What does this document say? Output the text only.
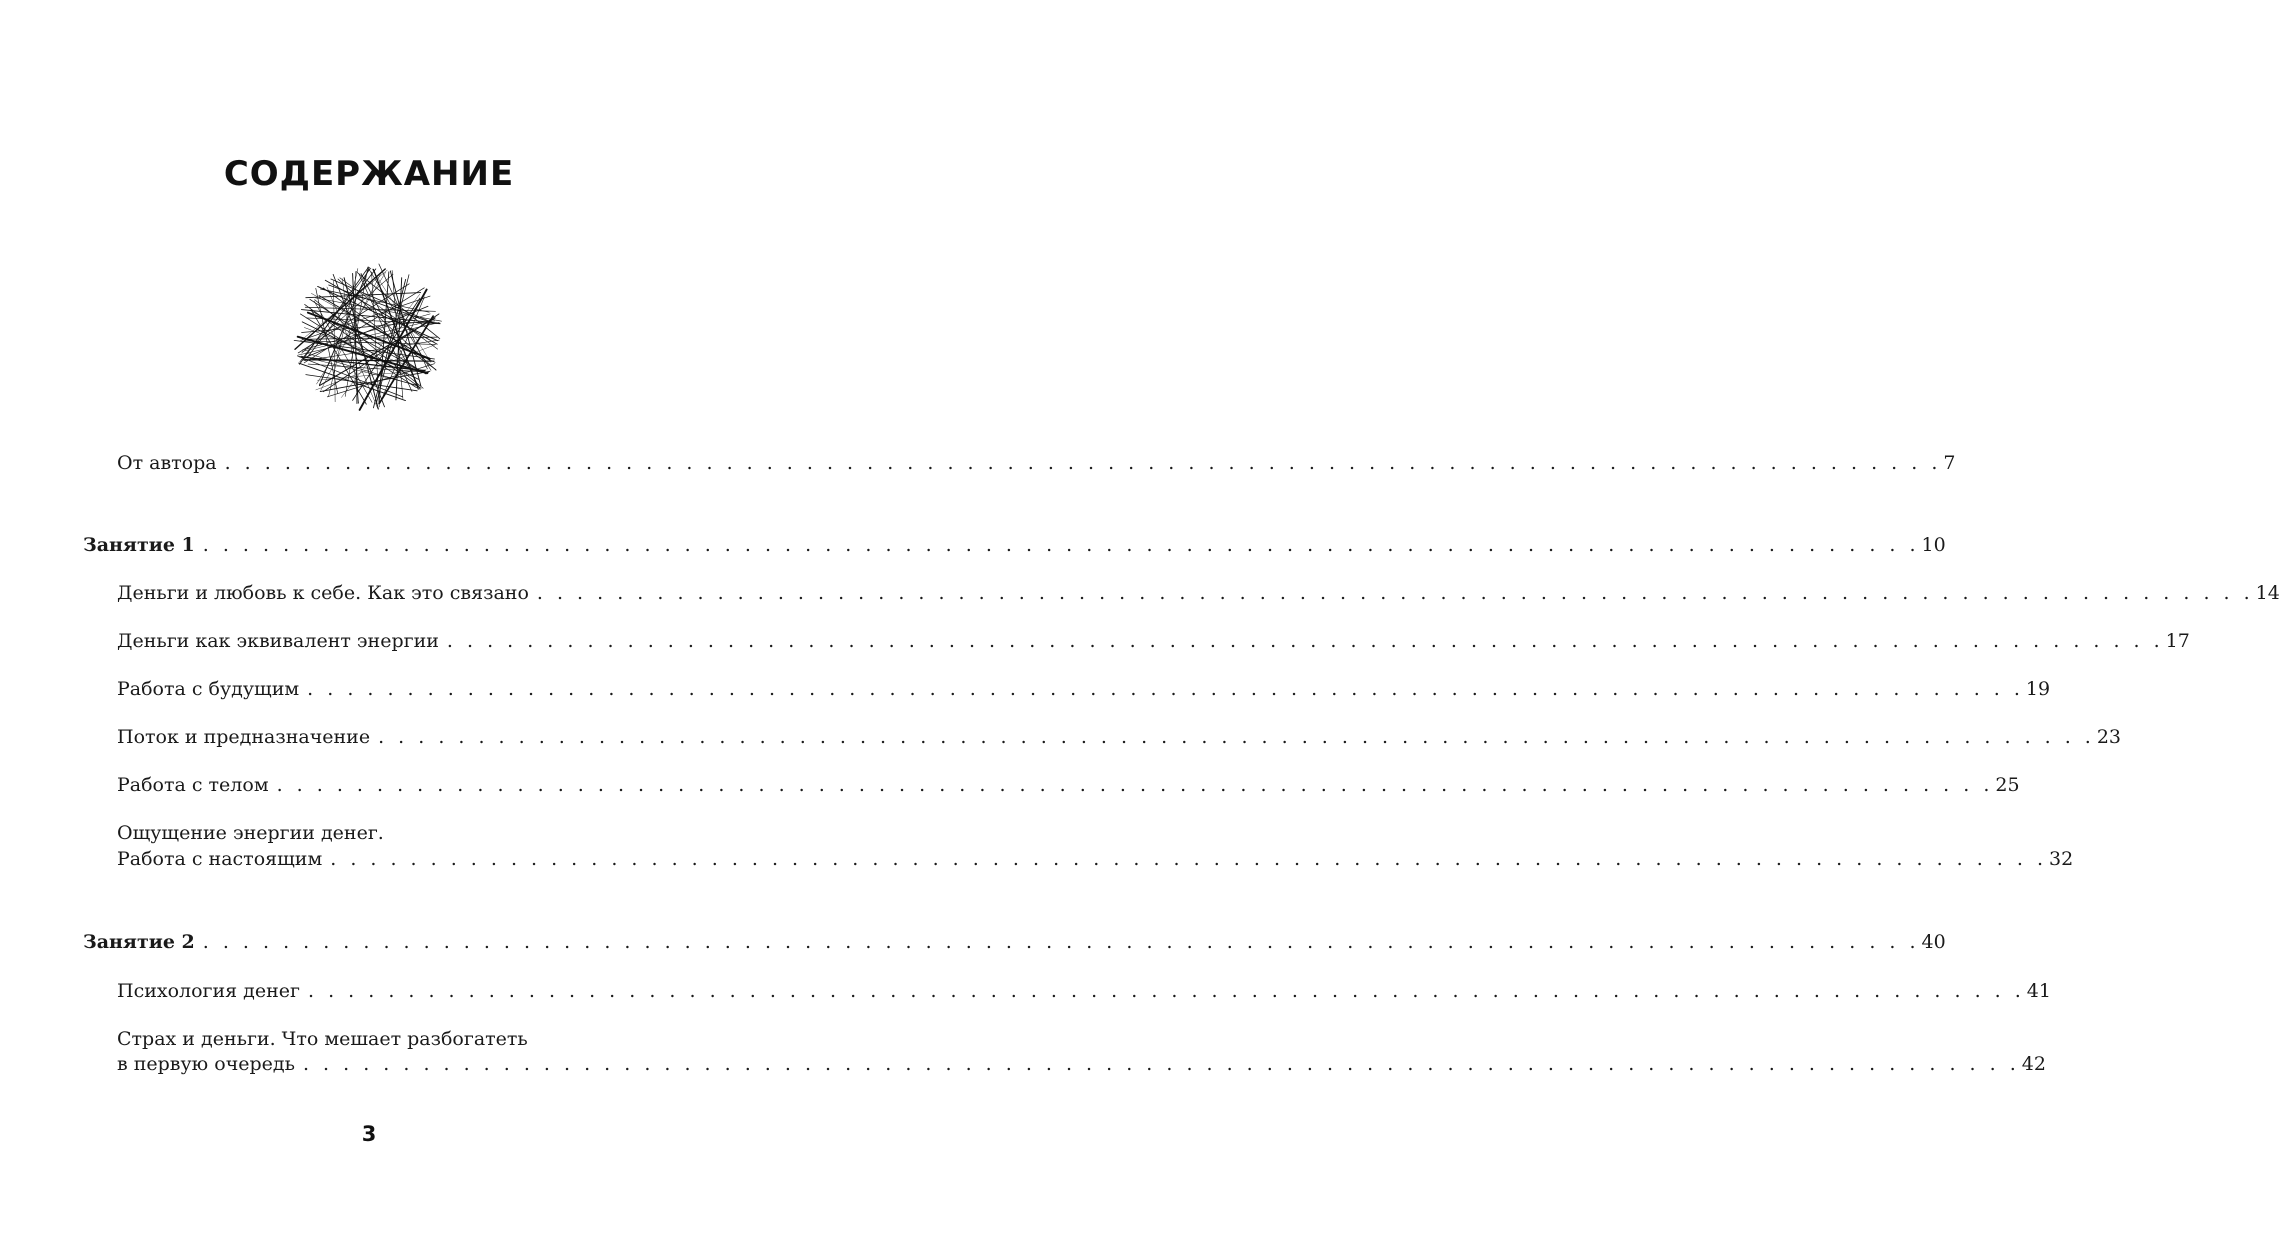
СОДЕРЖАНИЕ
От автора . . . . . . . . . . . . . . . . . . . . . . . . . . . . . . . . . . . . . . . . . . . . . . . . . . . . . . . . . . . . . . . . . . . . . . . . . . . . . . . . . . . . . . 7
Занятие 1 . . . . . . . . . . . . . . . . . . . . . . . . . . . . . . . . . . . . . . . . . . . . . . . . . . . . . . . . . . . . . . . . . . . . . . . . . . . . . . . . . . . . . . 10
Деньги и любовь к себе. Как это связано . . . . . . . . . . . . . . . . . . . . . . . . . . . . . . . . . . . . . . . . . . . . . . . . . . . . . . . . . . . . . . . . . . . . . . . . . . . . . . . . . . . . . . 14
Деньги как эквивалент энергии . . . . . . . . . . . . . . . . . . . . . . . . . . . . . . . . . . . . . . . . . . . . . . . . . . . . . . . . . . . . . . . . . . . . . . . . . . . . . . . . . . . . . . 17
Работа с будущим . . . . . . . . . . . . . . . . . . . . . . . . . . . . . . . . . . . . . . . . . . . . . . . . . . . . . . . . . . . . . . . . . . . . . . . . . . . . . . . . . . . . . . 19
Поток и предназначение . . . . . . . . . . . . . . . . . . . . . . . . . . . . . . . . . . . . . . . . . . . . . . . . . . . . . . . . . . . . . . . . . . . . . . . . . . . . . . . . . . . . . . 23
Работа с телом . . . . . . . . . . . . . . . . . . . . . . . . . . . . . . . . . . . . . . . . . . . . . . . . . . . . . . . . . . . . . . . . . . . . . . . . . . . . . . . . . . . . . . 25
Ощущение энергии денег.
Работа с настоящим . . . . . . . . . . . . . . . . . . . . . . . . . . . . . . . . . . . . . . . . . . . . . . . . . . . . . . . . . . . . . . . . . . . . . . . . . . . . . . . . . . . . . . 32
Занятие 2 . . . . . . . . . . . . . . . . . . . . . . . . . . . . . . . . . . . . . . . . . . . . . . . . . . . . . . . . . . . . . . . . . . . . . . . . . . . . . . . . . . . . . . 40
Психология денег . . . . . . . . . . . . . . . . . . . . . . . . . . . . . . . . . . . . . . . . . . . . . . . . . . . . . . . . . . . . . . . . . . . . . . . . . . . . . . . . . . . . . . 41
Страх и деньги. Что мешает разбогатеть
в первую очередь . . . . . . . . . . . . . . . . . . . . . . . . . . . . . . . . . . . . . . . . . . . . . . . . . . . . . . . . . . . . . . . . . . . . . . . . . . . . . . . . . . . . . . 42
3
